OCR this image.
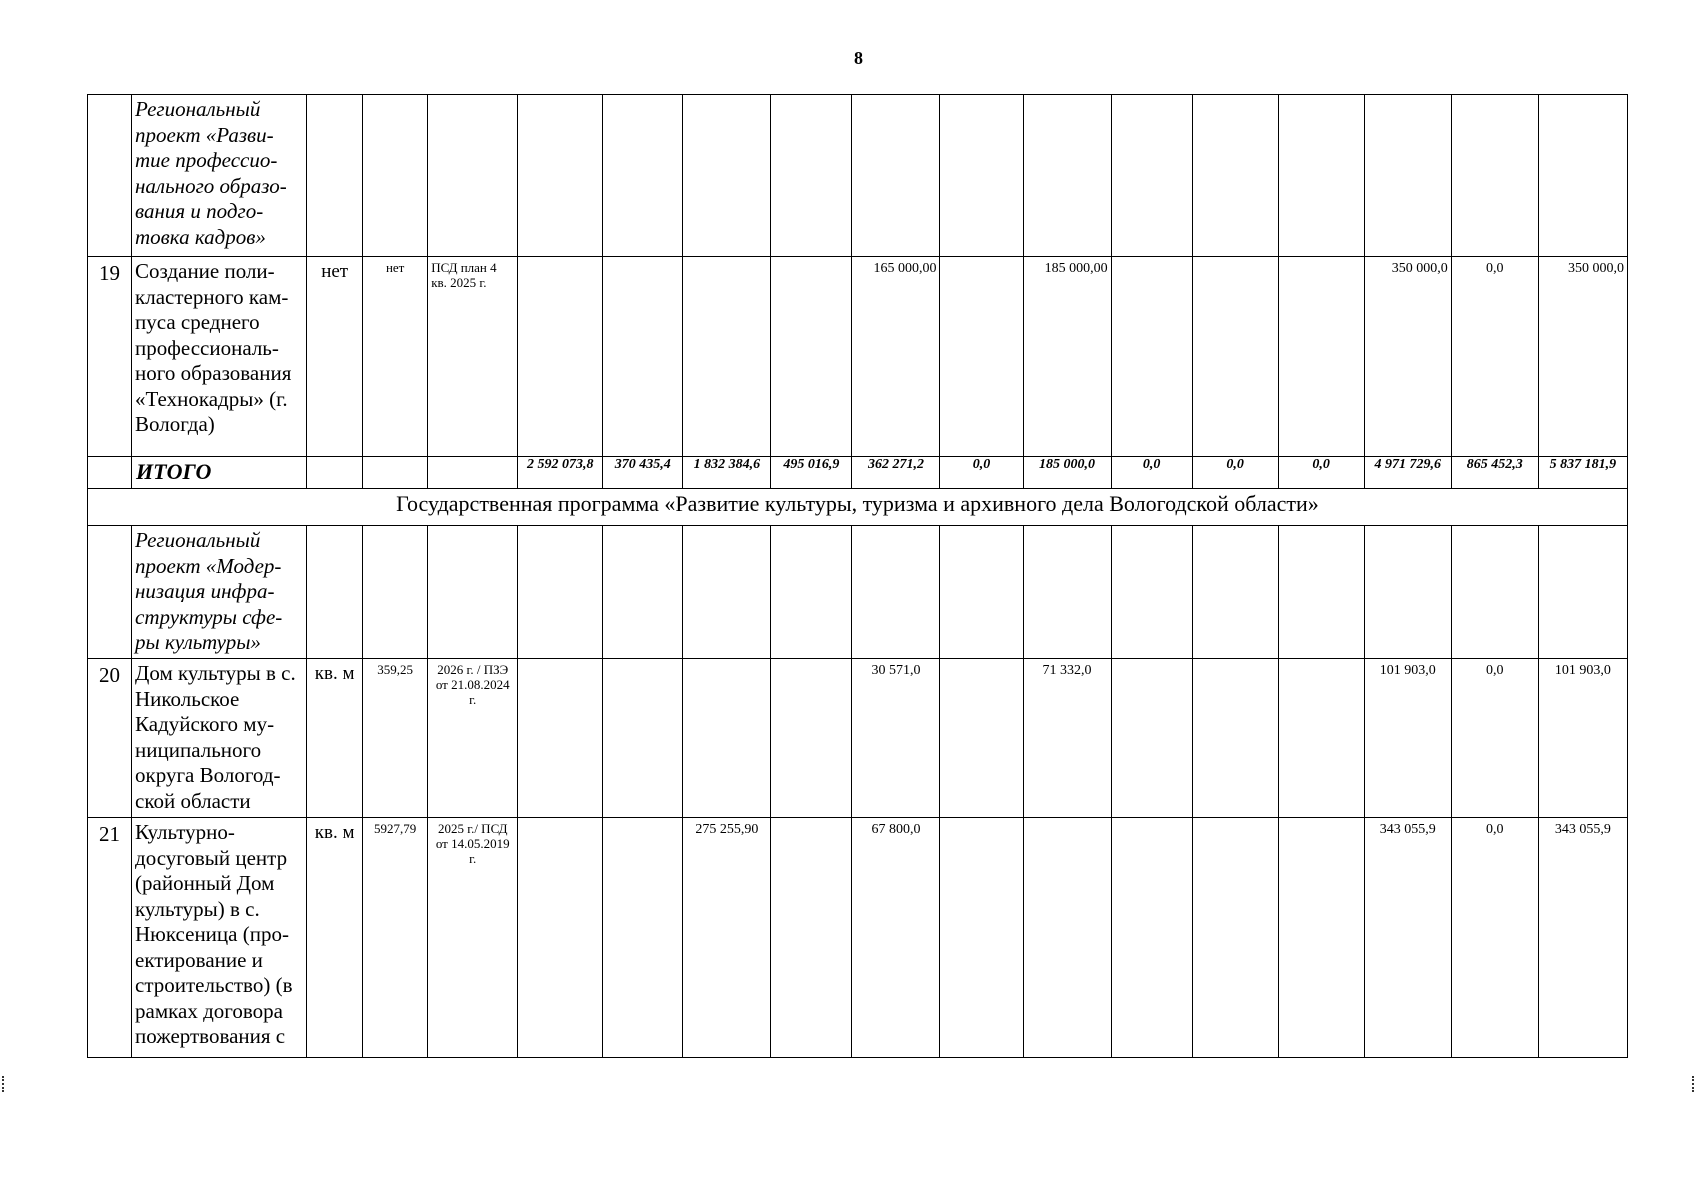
8
	Региональный проект «Разви-тие профессио-нального образо-вания и подго-товка кадров»																
19	Создание поли-кластерного кам-пуса среднего профессиональ-ного образования «Технокадры» (г. Вологда)	нет	нет	ПСД план 4 кв. 2025 г.					165 000,00		185 000,00				350 000,0	0,0	350 000,0
	ИТОГО				2 592 073,8	370 435,4	1 832 384,6	495 016,9	362 271,2	0,0	185 000,0	0,0	0,0	0,0	4 971 729,6	865 452,3	5 837 181,9
Государственная программа «Развитие культуры, туризма и архивного дела Вологодской области»																	
	Региональный проект «Модер-низация инфра-структуры сфе-ры культуры»																
20	Дом культуры в с. Никольское Кадуйского му-ниципального округа Вологод-ской области	кв. м	359,25	2026 г. / ПЗЭ от 21.08.2024 г.					30 571,0		71 332,0				101 903,0	0,0	101 903,0
21	Культурно-досуговый центр (районный Дом культуры) в с. Нюксеница (про-ектирование и строительство) (в рамках договора пожертвования с	кв. м	5927,79	2025 г./ ПСД от 14.05.2019 г.			275 255,90		67 800,0						343 055,9	0,0	343 055,9
